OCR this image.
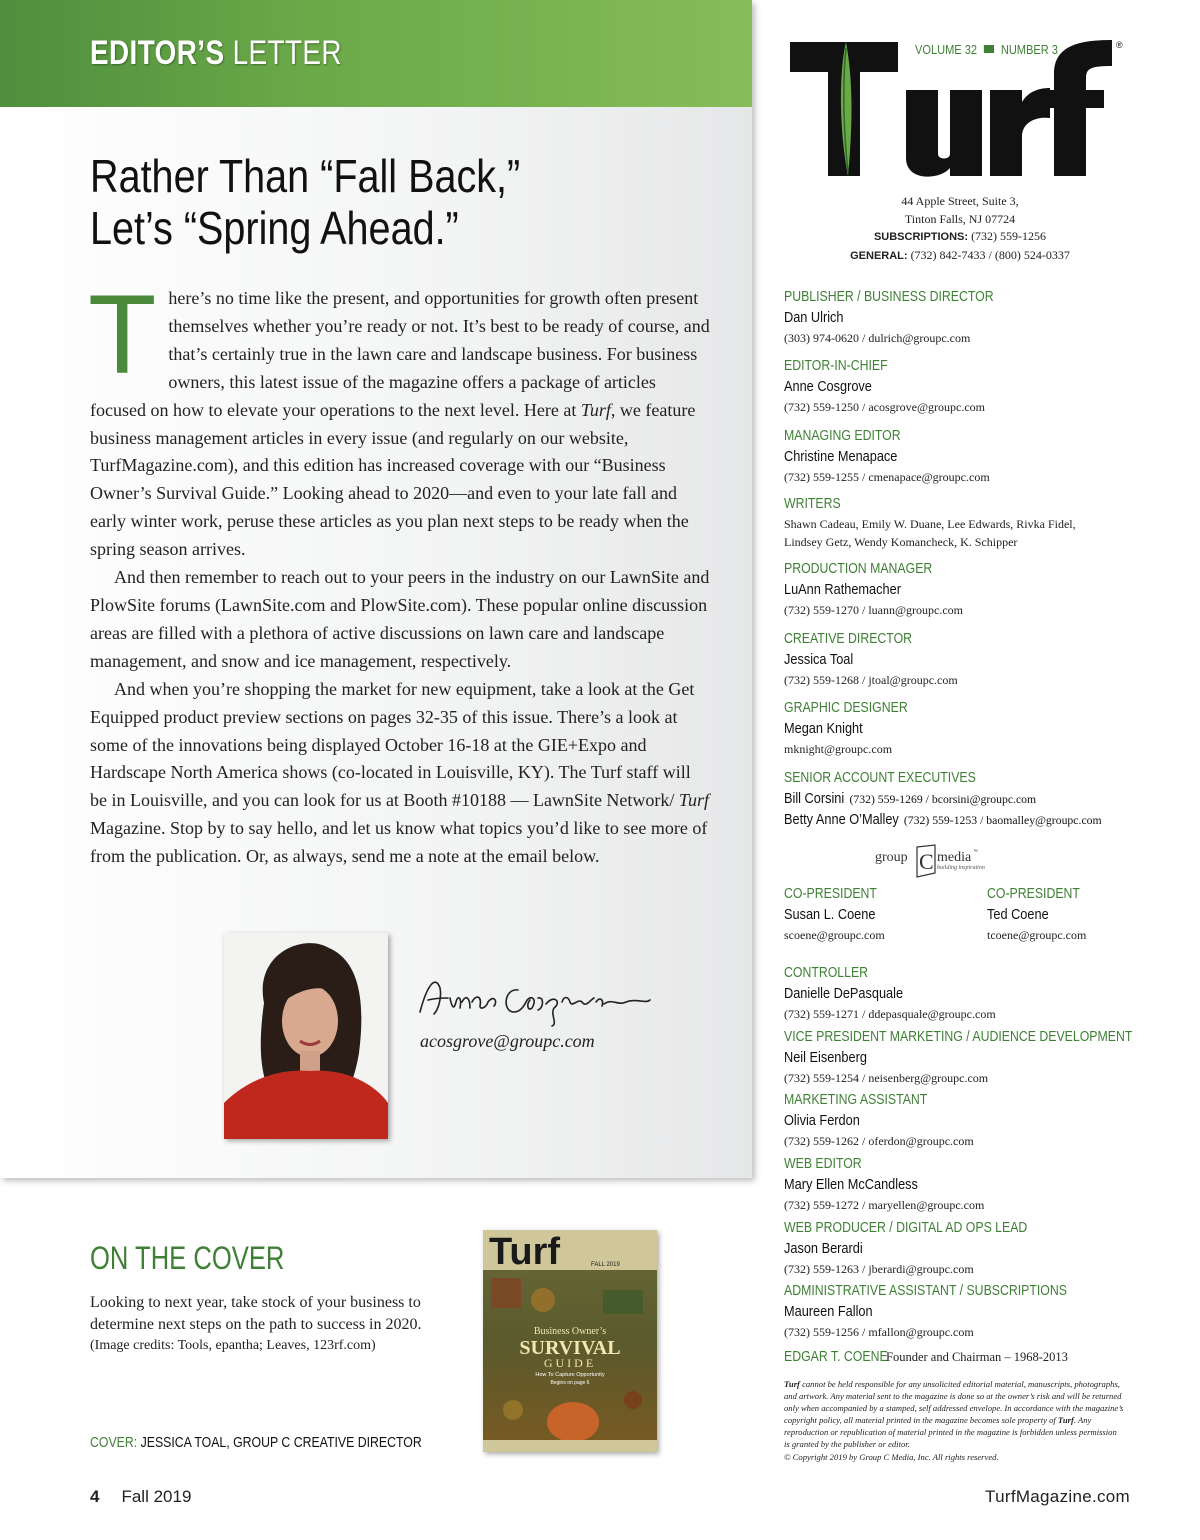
EDITOR’S LETTER
Rather Than “Fall Back,”
Let’s “Spring Ahead.”

There’s no time like the present, and opportunities for growth often present themselves whether you’re ready or not. It’s best to be ready of course, and that’s certainly true in the lawn care and landscape business. For business owners, this latest issue of the magazine offers a package of articles focused on how to elevate your operations to the next level. Here at Turf, we feature business management articles in every issue (and regularly on our website, TurfMagazine.com), and this edition has increased coverage with our “Business Owner’s Survival Guide.” Looking ahead to 2020—and even to your late fall and early winter work, peruse these articles as you plan next steps to be ready when the spring season arrives.

And then remember to reach out to your peers in the industry on our LawnSite and PlowSite forums (LawnSite.com and PlowSite.com). These popular online discussion areas are filled with a plethora of active discussions on lawn care and landscape management, and snow and ice management, respectively.

And when you’re shopping the market for new equipment, take a look at the Get Equipped product preview sections on pages 32-35 of this issue. There’s a look at some of the innovations being displayed October 16-18 at the GIE+Expo and Hardscape North America shows (co-located in Louisville, KY). The Turf staff will be in Louisville, and you can look for us at Booth #10188 — LawnSite Network/ Turf Magazine. Stop by to say hello, and let us know what topics you’d like to see more of from the publication. Or, as always, send me a note at the email below.

acosgrove@groupc.com
ON THE COVER
Looking to next year, take stock of your business to determine next steps on the path to success in 2020.
(Image credits: Tools, epantha; Leaves, 123rf.com)
COVER: JESSICA TOAL, GROUP C CREATIVE DIRECTOR
Turf	FALL 2019
Business Owner’s
SURVIVAL
GUIDE
How To Capture Opportunity
Begins on page 6
4 Fall 2019	TurfMagazine.com
VOLUME 32 NUMBER 3	®
44 Apple Street, Suite 3,
Tinton Falls, NJ 07724
SUBSCRIPTIONS: (732) 559-1256
GENERAL: (732) 842-7433 / (800) 524-0337
PUBLISHER / BUSINESS DIRECTOR
Dan Ulrich
(303) 974-0620 / dulrich@groupc.com
EDITOR-IN-CHIEF
Anne Cosgrove
(732) 559-1250 / acosgrove@groupc.com
MANAGING EDITOR
Christine Menapace
(732) 559-1255 / cmenapace@groupc.com
WRITERS
Shawn Cadeau, Emily W. Duane, Lee Edwards, Rivka Fidel,
Lindsey Getz, Wendy Komancheck, K. Schipper
PRODUCTION MANAGER
LuAnn Rathemacher
(732) 559-1270 / luann@groupc.com
CREATIVE DIRECTOR
Jessica Toal
(732) 559-1268 / jtoal@groupc.com
GRAPHIC DESIGNER
Megan Knight
mknight@groupc.com
SENIOR ACCOUNT EXECUTIVES
Bill Corsini (732) 559-1269 / bcorsini@groupc.com
Betty Anne O’Malley (732) 559-1253 / baomalley@groupc.com
group C media ™
building inspiration
CO-PRESIDENT
Susan L. Coene
scoene@groupc.com
CO-PRESIDENT
Ted Coene
tcoene@groupc.com
CONTROLLER
Danielle DePasquale
(732) 559-1271 / ddepasquale@groupc.com
VICE PRESIDENT MARKETING / AUDIENCE DEVELOPMENT
Neil Eisenberg
(732) 559-1254 / neisenberg@groupc.com
MARKETING ASSISTANT
Olivia Ferdon
(732) 559-1262 / oferdon@groupc.com
WEB EDITOR
Mary Ellen McCandless
(732) 559-1272 / maryellen@groupc.com
WEB PRODUCER / DIGITAL AD OPS LEAD
Jason Berardi
(732) 559-1263 / jberardi@groupc.com
ADMINISTRATIVE ASSISTANT / SUBSCRIPTIONS
Maureen Fallon
(732) 559-1256 / mfallon@groupc.com
EDGAR T. COENE
Founder and Chairman – 1968-2013
Turf cannot be held responsible for any unsolicited editorial material, manuscripts, photographs, and artwork. Any material sent to the magazine is done so at the owner’s risk and will be returned only when accompanied by a stamped, self addressed envelope. In accordance with the magazine’s copyright policy, all material printed in the magazine becomes sole property of Turf. Any reproduction or republication of material printed in the magazine is forbidden unless permission is granted by the publisher or editor.
© Copyright 2019 by Group C Media, Inc. All rights reserved.
